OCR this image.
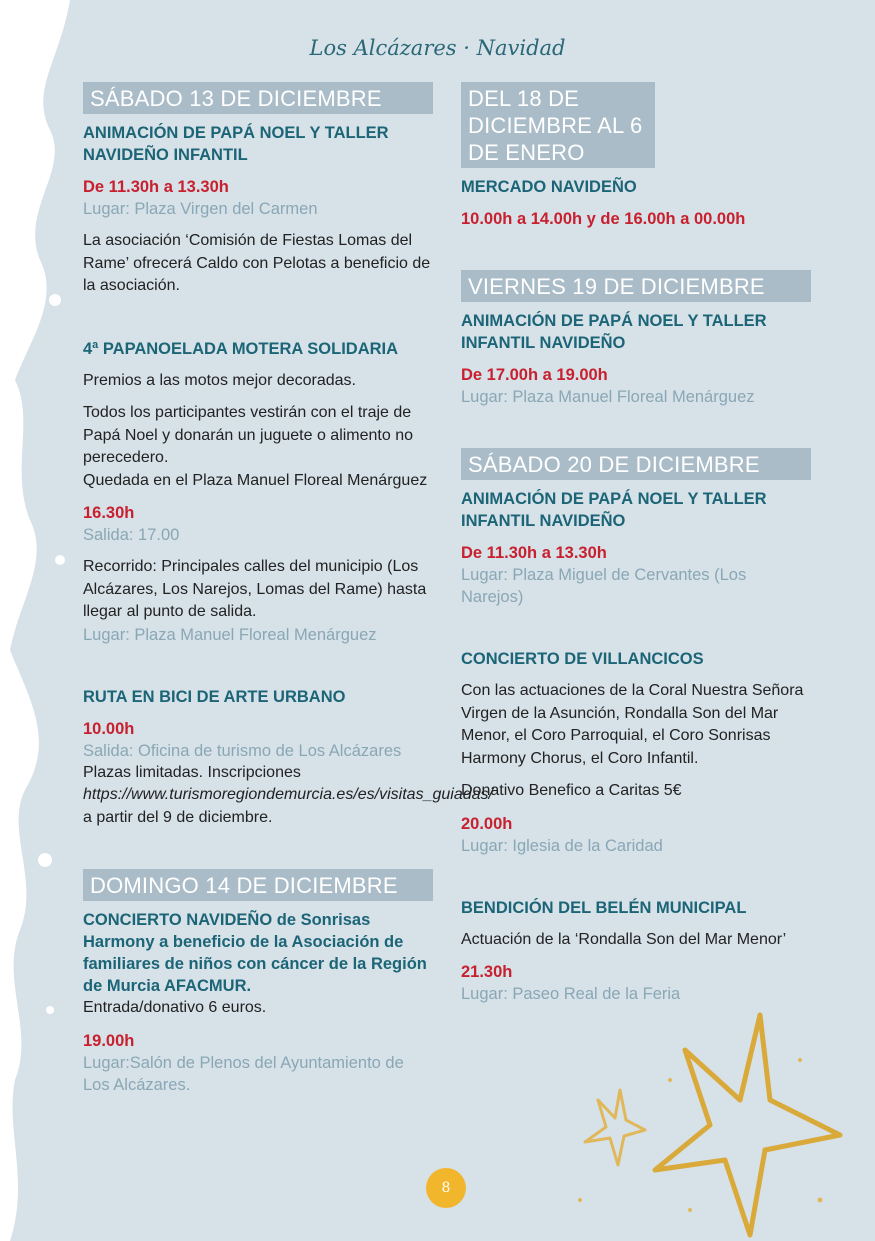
Los Alcázares · Navidad
SÁBADO 13 DE DICIEMBRE
ANIMACIÓN DE PAPÁ NOEL Y TALLER NAVIDEÑO INFANTIL
De 11.30h a 13.30h
Lugar: Plaza Virgen del Carmen

La asociación ‘Comisión de Fiestas Lomas del Rame’ ofrecerá Caldo con Pelotas a beneficio de la asociación.

4ª PAPANOELADA MOTERA SOLIDARIA

Premios a las motos mejor decoradas.

Todos los participantes vestirán con el traje de Papá Noel y donarán un juguete o alimento no perecedero.

Quedada en el Plaza Manuel Floreal Menárguez

16.30h
Salida: 17.00

Recorrido: Principales calles del municipio (Los Alcázares, Los Narejos, Lomas del Rame) hasta llegar al punto de salida.

Lugar: Plaza Manuel Floreal Menárguez
RUTA EN BICI DE ARTE URBANO
10.00h
Salida: Oficina de turismo de Los Alcázares

Plazas limitadas. Inscripciones https://www.turismoregiondemurcia.es/es/visitas_guiadas/ a partir del 9 de diciembre.

DOMINGO 14 DE DICIEMBRE
CONCIERTO NAVIDEÑO de Sonrisas Harmony a beneficio de la Asociación de familiares de niños con cáncer de la Región de Murcia AFACMUR.

Entrada/donativo 6 euros.

19.00h
Lugar:Salón de Plenos del Ayuntamiento de Los Alcázares.
DEL 18 DE DICIEMBRE AL 6 DE ENERO
MERCADO NAVIDEÑO
10.00h a 14.00h y de 16.00h a 00.00h
VIERNES 19 DE DICIEMBRE
ANIMACIÓN DE PAPÁ NOEL Y TALLER INFANTIL NAVIDEÑO
De 17.00h a 19.00h
Lugar: Plaza Manuel Floreal Menárguez
SÁBADO 20 DE DICIEMBRE
ANIMACIÓN DE PAPÁ NOEL Y TALLER INFANTIL NAVIDEÑO
De 11.30h a 13.30h
Lugar: Plaza Miguel de Cervantes (Los Narejos)
CONCIERTO DE VILLANCICOS

Con las actuaciones de la Coral Nuestra Señora Virgen de la Asunción, Rondalla Son del Mar Menor, el Coro Parroquial, el Coro Sonrisas Harmony Chorus, el Coro Infantil.

Donativo Benefico a Caritas 5€

20.00h
Lugar: Iglesia de la Caridad
BENDICIÓN DEL BELÉN MUNICIPAL

Actuación de la ‘Rondalla Son del Mar Menor’

21.30h
Lugar: Paseo Real de la Feria
8
